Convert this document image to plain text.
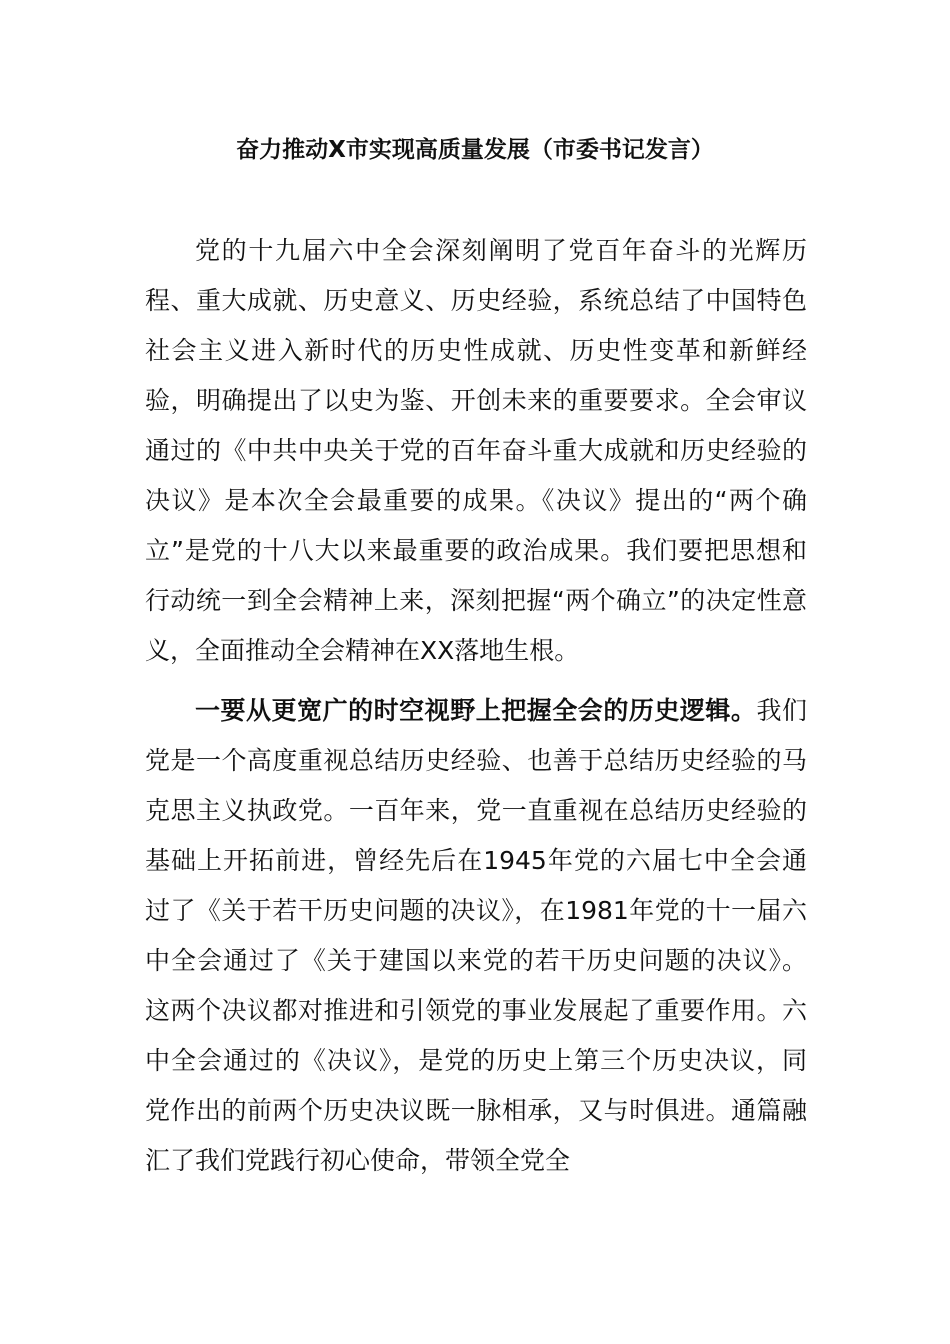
奋力推动X市实现高质量发展（市委书记发言）

党的十九届六中全会深刻阐明了党百年奋斗的光辉历程、重大成就、历史意义、历史经验，系统总结了中国特色社会主义进入新时代的历史性成就、历史性变革和新鲜经验，明确提出了以史为鉴、开创未来的重要要求。全会审议通过的《中共中央关于党的百年奋斗重大成就和历史经验的决议》是本次全会最重要的成果。《决议》提出的“两个确立”是党的十八大以来最重要的政治成果。我们要把思想和行动统一到全会精神上来，深刻把握“两个确立”的决定性意义，全面推动全会精神在XX落地生根。

一要从更宽广的时空视野上把握全会的历史逻辑。我们党是一个高度重视总结历史经验、也善于总结历史经验的马克思主义执政党。一百年来，党一直重视在总结历史经验的基础上开拓前进，曾经先后在1945年党的六届七中全会通过了《关于若干历史问题的决议》，在1981年党的十一届六中全会通过了《关于建国以来党的若干历史问题的决议》。这两个决议都对推进和引领党的事业发展起了重要作用。六中全会通过的《决议》，是党的历史上第三个历史决议，同党作出的前两个历史决议既一脉相承，又与时俱进。通篇融汇了我们党践行初心使命，带领全党全
